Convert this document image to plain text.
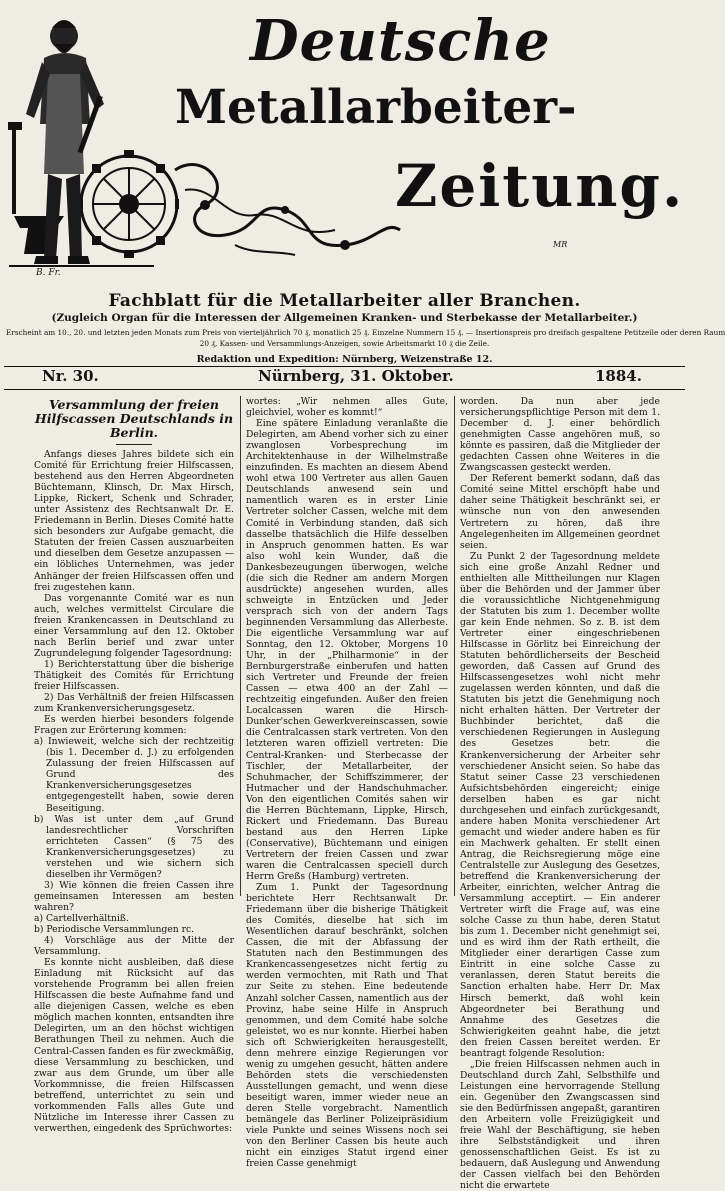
B. Fr.
Deutsche
Metallarbeiter-
Zeitung.
MR
Fachblatt für die Metallarbeiter aller Branchen.
(Zugleich Organ für die Interessen der Allgemeinen Kranken- und Sterbekasse der Metallarbeiter.)
Erscheint am 10., 20. und letzten jeden Monats zum Preis von vierteljährlich 70 ₰, monatlich 25 ₰. Einzelne Nummern 15 ₰. — Insertionspreis pro dreifach gespaltene Petitzeile oder deren Raum
20 ₰, Kassen- und Versammlungs-Anzeigen, sowie Arbeitsmarkt 10 ₰ die Zeile.
Redaktion und Expedition: Nürnberg, Weizenstraße 12.
Nr. 30.	Nürnberg, 31. Oktober.	1884.
Versammlung der freien Hilfscassen Deutschlands in Berlin.

Anfangs dieses Jahres bildete sich ein Comité für Errichtung freier Hilfscassen, bestehend aus den Herren Abgeordneten Büchtemann, Klinsch, Dr. Max Hirsch, Lippke, Rickert, Schenk und Schrader, unter Assistenz des Rechtsanwalt Dr. E. Friedemann in Berlin. Dieses Comité hatte sich besonders zur Aufgabe gemacht, die Statuten der freien Cassen auszuarbeiten und dieselben dem Gesetze anzupassen — ein löbliches Unternehmen, was jeder Anhänger der freien Hilfscassen offen und frei zugestehen kann.

Das vorgenannte Comité war es nun auch, welches vermittelst Circulare die freien Krankencassen in Deutschland zu einer Versammlung auf den 12. Oktober nach Berlin berief und zwar unter Zugrundelegung folgender Tagesordnung:

1) Berichterstattung über die bisherige Thätigkeit des Comités für Errichtung freier Hilfscassen.

2) Das Verhältniß der freien Hilfscassen zum Krankenversicherungsgesetz.

Es werden hierbei besonders folgende Fragen zur Erörterung kommen:

a) Inwieweit, welche sich der rechtzeitig (bis 1. December d. J.) zu erfolgenden Zulassung der freien Hilfscassen auf Grund des Krankenversicherungsgesetzes entgegengestellt haben, sowie deren Beseitigung.

b) Was ist unter dem „auf Grund landesrechtlicher Vorschriften errichteten Cassen“ (§ 75 des Krankenversicherungsgesetzes) zu verstehen und wie sichern sich dieselben ihr Vermögen?

3) Wie können die freien Cassen ihre gemeinsamen Interessen am besten wahren?

a) Cartellverhältniß.

b) Periodische Versammlungen rc.

4) Vorschläge aus der Mitte der Versammlung.

Es konnte nicht ausbleiben, daß diese Einladung mit Rücksicht auf das vorstehende Programm bei allen freien Hilfscassen die beste Aufnahme fand und alle diejenigen Cassen, welche es eben möglich machen konnten, entsandten ihre Delegirten, um an den höchst wichtigen Berathungen Theil zu nehmen. Auch die Central-Cassen fanden es für zweckmäßig, diese Versammlung zu beschicken, und zwar aus dem Grunde, um über alle Vorkommnisse, die freien Hilfscassen betreffend, unterrichtet zu sein und vorkommenden Falls alles Gute und Nützliche im Interesse ihrer Cassen zu verwerthen, eingedenk des Sprüchwortes:

wortes: „Wir nehmen alles Gute, gleichviel, woher es kommt!“

Eine spätere Einladung veranlaßte die Delegirten, am Abend vorher sich zu einer zwanglosen Vorbesprechung im Architektenhause in der Wilhelmstraße einzufinden. Es machten an diesem Abend wohl etwa 100 Vertreter aus allen Gauen Deutschlands anwesend sein und namentlich waren es in erster Linie Vertreter solcher Cassen, welche mit dem Comité in Verbindung standen, daß sich dasselbe thatsächlich die Hilfe desselben in Anspruch genommen hatten. Es war also wohl kein Wunder, daß die Dankesbezeugungen überwogen, welche (die sich die Redner am andern Morgen ausdrückte) angesehen wurden, alles schweigte in Entzücken und Jeder versprach sich von der andern Tags beginnenden Versammlung das Allerbeste. Die eigentliche Versammlung war auf Sonntag, den 12. Oktober, Morgens 10 Uhr, in der „Philharmonie“ in der Bernburgerstraße einberufen und hatten sich Vertreter und Freunde der freien Cassen — etwa 400 an der Zahl — rechtzeitig eingefunden. Außer den freien Localcassen waren die Hirsch-Dunker'schen Gewerkvereinscassen, sowie die Centralcassen stark vertreten. Von den letzteren waren offiziell vertreten: Die Central-Kranken- und Sterbecasse der Tischler, der Metallarbeiter, der Schuhmacher, der Schiffszimmerer, der Hutmacher und der Handschuhmacher. Von den eigentlichen Comités sahen wir die Herren Büchtemann, Lippke, Hirsch, Rickert und Friedemann. Das Bureau bestand aus den Herren Lipke (Conservative), Büchtemann und einigen Vertretern der freien Cassen und zwar waren die Centralcassen speciell durch Herrn Greßs (Hamburg) vertreten.

Zum 1. Punkt der Tagesordnung berichtete Herr Rechtsanwalt Dr. Friedemann über die bisherige Thätigkeit des Comités, dieselbe hat sich im Wesentlichen darauf beschränkt, solchen Cassen, die mit der Abfassung der Statuten nach den Bestimmungen des Krankencassengesetzes nicht fertig zu werden vermochten, mit Rath und That zur Seite zu stehen. Eine bedeutende Anzahl solcher Cassen, namentlich aus der Provinz, habe seine Hilfe in Anspruch genommen, und dem Comité habe solche geleistet, wo es nur konnte. Hierbei haben sich oft Schwierigkeiten herausgestellt, denn mehrere einzige Regierungen vor wenig zu umgehen gesucht, hätten andere Behörden stets die verschiedensten Ausstellungen gemacht, und wenn diese beseitigt waren, immer wieder neue an deren Stelle vorgebracht. Namentlich bemängele das Berliner Polizeipräsidium viele Punkte und seines Wissens noch sei von den Berliner Cassen bis heute auch nicht ein einziges Statut irgend einer freien Casse genehmigt

worden. Da nun aber jede versicherungspflichtige Person mit dem 1. December d. J. einer behördlich genehmigten Casse angehören muß, so könnte es passiren, daß die Mitglieder der gedachten Cassen ohne Weiteres in die Zwangscassen gesteckt werden.

Der Referent bemerkt sodann, daß das Comité seine Mittel erschöpft habe und daher seine Thätigkeit beschränkt sei, er wünsche nun von den anwesenden Vertretern zu hören, daß ihre Angelegenheiten im Allgemeinen geordnet seien.

Zu Punkt 2 der Tagesordnung meldete sich eine große Anzahl Redner und enthielten alle Mittheilungen nur Klagen über die Behörden und der Jammer über die voraussichtliche Nichtgenehmigung der Statuten bis zum 1. December wollte gar kein Ende nehmen. So z. B. ist dem Vertreter einer eingeschriebenen Hilfscasse in Görlitz bei Einreichung der Statuten behördlicherseits der Bescheid geworden, daß Cassen auf Grund des Hilfscassengesetzes wohl nicht mehr zugelassen werden könnten, und daß die Statuten bis jetzt die Genehmigung noch nicht erhalten hätten. Der Vertreter der Buchbinder berichtet, daß die verschiedenen Regierungen in Auslegung des Gesetzes betr. die Krankenversicherung der Arbeiter sehr verschiedener Ansicht seien. So habe das Statut seiner Casse 23 verschiedenen Aufsichtsbehörden eingereicht; einige derselben haben es gar nicht durchgesehen und einfach zurückgesandt, andere haben Monita verschiedener Art gemacht und wieder andere haben es für ein Machwerk gehalten. Er stellt einen Antrag, die Reichsregierung möge eine Centralstelle zur Auslegung des Gesetzes, betreffend die Krankenversicherung der Arbeiter, einrichten, welcher Antrag die Versammlung acceptirt. — Ein anderer Vertreter wirft die Frage auf, was eine solche Casse zu thun habe, deren Statut bis zum 1. December nicht genehmigt sei, und es wird ihm der Rath ertheilt, die Mitglieder einer derartigen Casse zum Eintritt in eine solche Casse zu veranlassen, deren Statut bereits die Sanction erhalten habe. Herr Dr. Max Hirsch bemerkt, daß wohl kein Abgeordneter bei Berathung und Annahme des Gesetzes die Schwierigkeiten geahnt habe, die jetzt den freien Cassen bereitet werden. Er beantragt folgende Resolution:

„Die freien Hilfscassen nehmen auch in Deutschland durch Zahl, Selbsthilfe und Leistungen eine hervorragende Stellung ein. Gegenüber den Zwangscassen sind sie den Bedürfnissen angepaßt, garantiren den Arbeitern volle Freizügigkeit und freie Wahl der Beschäftigung, sie heben ihre Selbstständigkeit und ihren genossenschaftlichen Geist. Es ist zu bedauern, daß Auslegung und Anwendung der Cassen vielfach bei den Behörden nicht die erwartete
